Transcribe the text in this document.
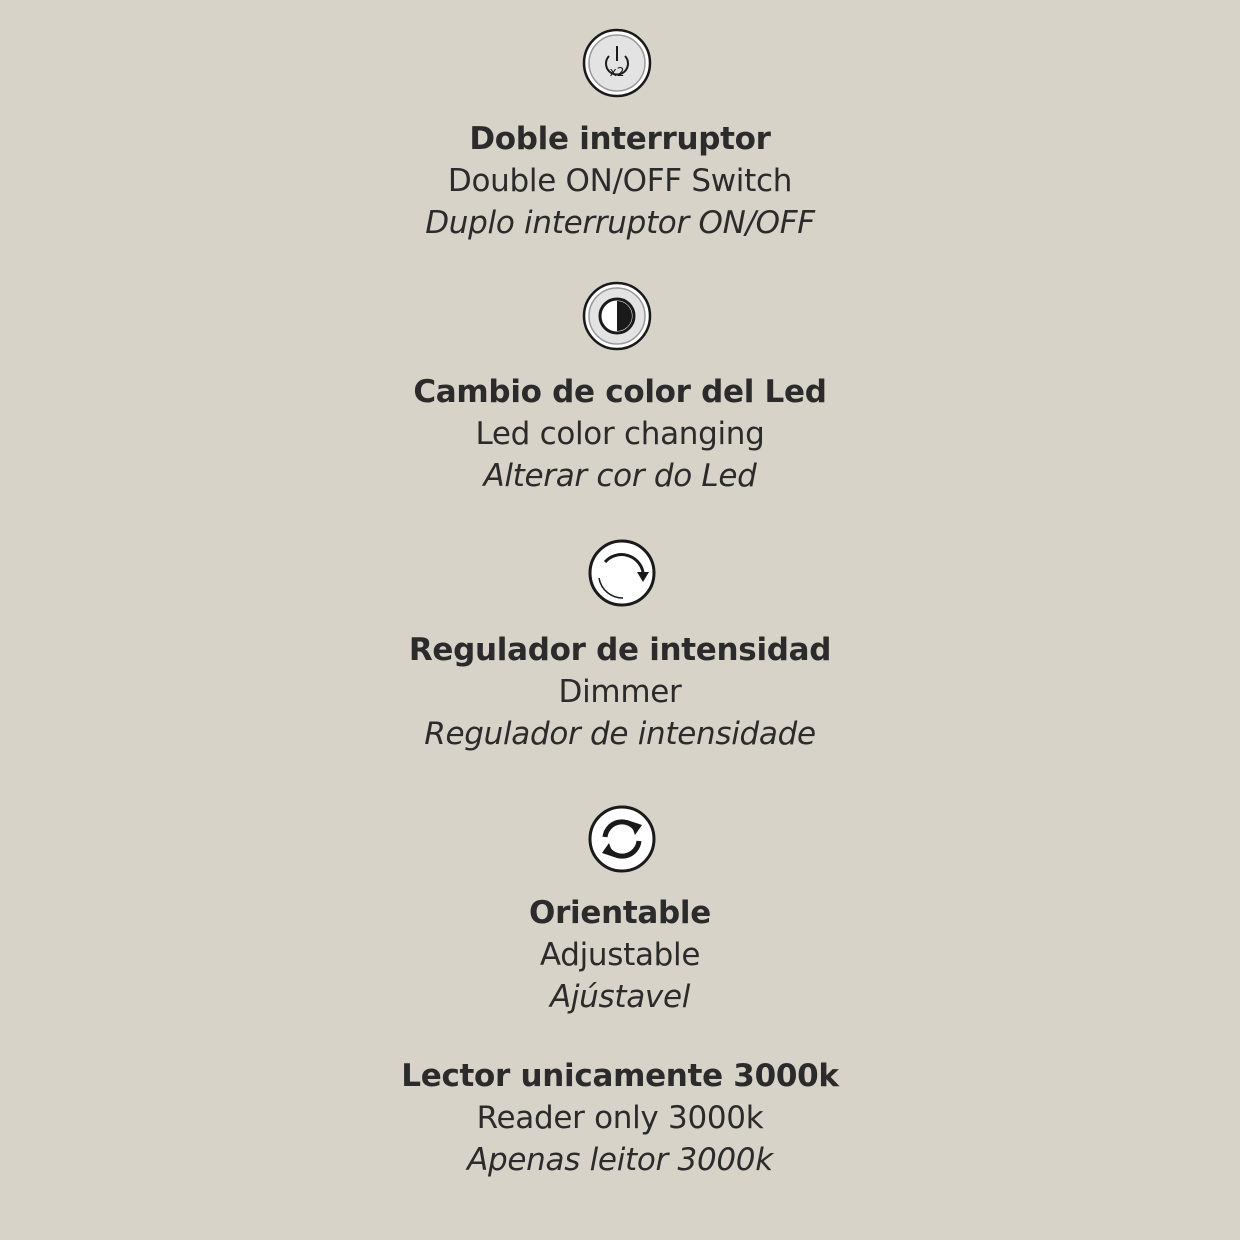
x2
Doble interruptor
Double ON/OFF Switch
Duplo interruptor ON/OFF
Cambio de color del Led
Led color changing
Alterar cor do Led
Regulador de intensidad
Dimmer
Regulador de intensidade
Orientable
Adjustable
Ajústavel
Lector unicamente 3000k
Reader only 3000k
Apenas leitor 3000k
